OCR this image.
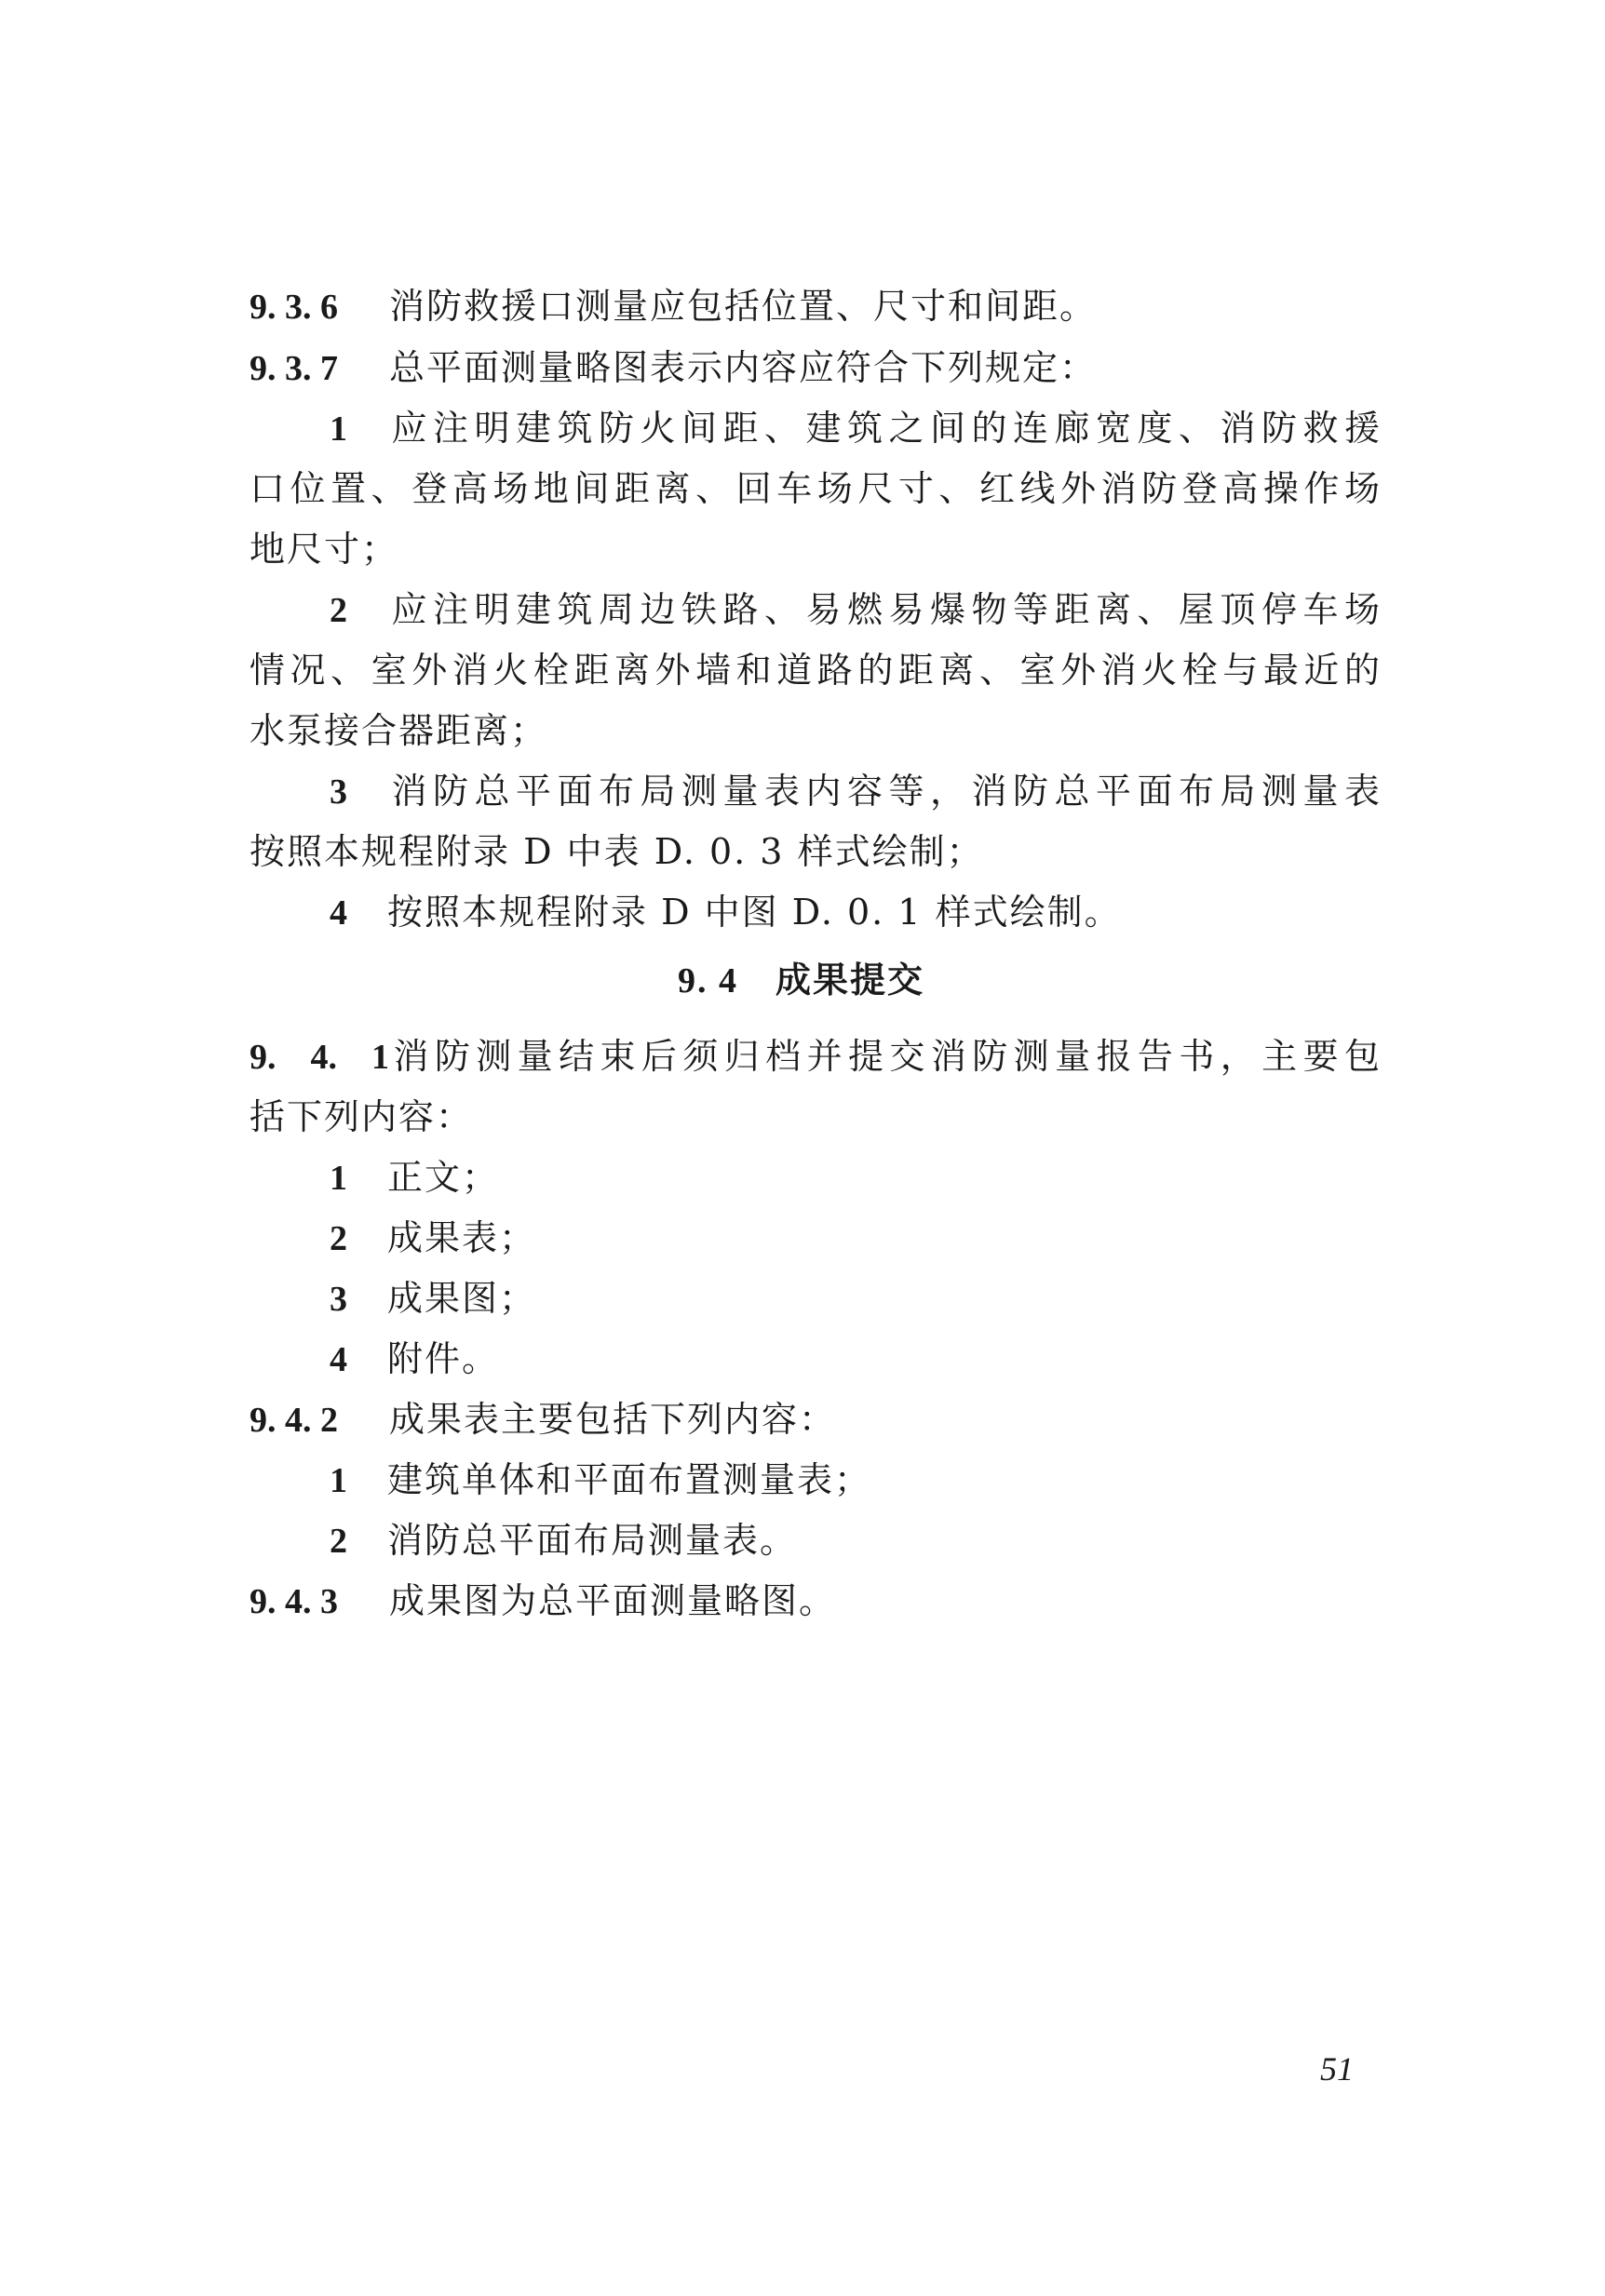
9. 3. 6 消防救援口测量应包括位置、尺寸和间距。
9. 3. 7 总平面测量略图表示内容应符合下列规定：
1 应注明建筑防火间距、建筑之间的连廊宽度、消防救援
口位置、登高场地间距离、回车场尺寸、红线外消防登高操作场
地尺寸；
2 应注明建筑周边铁路、易燃易爆物等距离、屋顶停车场
情况、室外消火栓距离外墙和道路的距离、室外消火栓与最近的
水泵接合器距离；
3 消防总平面布局测量表内容等，消防总平面布局测量表
按照本规程附录 D 中表 D. 0. 3 样式绘制；
4 按照本规程附录 D 中图 D. 0. 1 样式绘制。
9. 4 成果提交
9. 4. 1消防测量结束后须归档并提交消防测量报告书，主要包
括下列内容：
1 正文；
2 成果表；
3 成果图；
4 附件。
9. 4. 2 成果表主要包括下列内容：
1 建筑单体和平面布置测量表；
2 消防总平面布局测量表。
9. 4. 3 成果图为总平面测量略图。
51
